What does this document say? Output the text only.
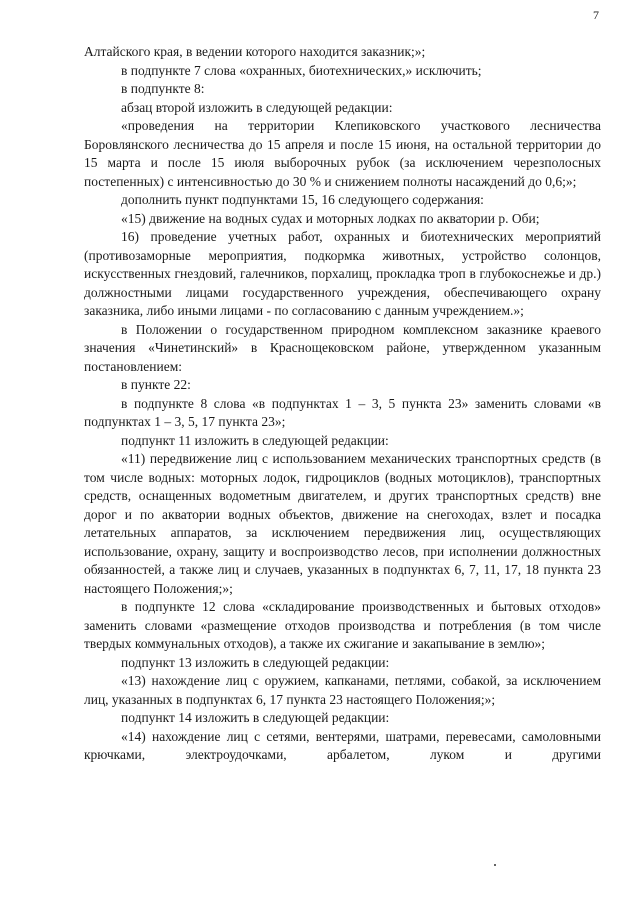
7

Алтайского края, в ведении которого находится заказник;»;

в подпункте 7 слова «охранных, биотехнических,» исключить;

в подпункте 8:

абзац второй изложить в следующей редакции:

«проведения на территории Клепиковского участкового лесничества Боровлянского лесничества до 15 апреля и после 15 июня, на остальной территории до 15 марта и после 15 июля выборочных рубок (за исключением черезполосных постепенных) с интенсивностью до 30 % и снижением полноты насаждений до 0,6;»;

дополнить пункт подпунктами 15, 16 следующего содержания:

«15) движение на водных судах и моторных лодках по акватории р. Оби;

16) проведение учетных работ, охранных и биотехнических мероприятий (противозаморные мероприятия, подкормка животных, устройство солонцов, искусственных гнездовий, галечников, порхалищ, прокладка троп в глубокоснежье и др.) должностными лицами государственного учреждения, обеспечивающего охрану заказника, либо иными лицами - по согласованию с данным учреждением.»;

в Положении о государственном природном комплексном заказнике краевого значения «Чинетинский» в Краснощековском районе, утвержденном указанным постановлением:

в пункте 22:

в подпункте 8 слова «в подпунктах 1 – 3, 5 пункта 23» заменить словами «в подпунктах 1 – 3, 5, 17 пункта 23»;

подпункт 11 изложить в следующей редакции:

«11) передвижение лиц с использованием механических транспортных средств (в том числе водных: моторных лодок, гидроциклов (водных мотоциклов), транспортных средств, оснащенных водометным двигателем, и других транспортных средств) вне дорог и по акватории водных объектов, движение на снегоходах, взлет и посадка летательных аппаратов, за исключением передвижения лиц, осуществляющих использование, охрану, защиту и воспроизводство лесов, при исполнении должностных обязанностей, а также лиц и случаев, указанных в подпунктах 6, 7, 11, 17, 18 пункта 23 настоящего Положения;»;

в подпункте 12 слова «складирование производственных и бытовых отходов» заменить словами «размещение отходов производства и потребления (в том числе твердых коммунальных отходов), а также их сжигание и закапывание в землю»;

подпункт 13 изложить в следующей редакции:

«13) нахождение лиц с оружием, капканами, петлями, собакой, за исключением лиц, указанных в подпунктах 6, 17 пункта 23 настоящего Положения;»;

подпункт 14 изложить в следующей редакции:

«14) нахождение лиц с сетями, вентерями, шатрами, перевесами, самоловными крючками, электроудочками, арбалетом, луком и другими
